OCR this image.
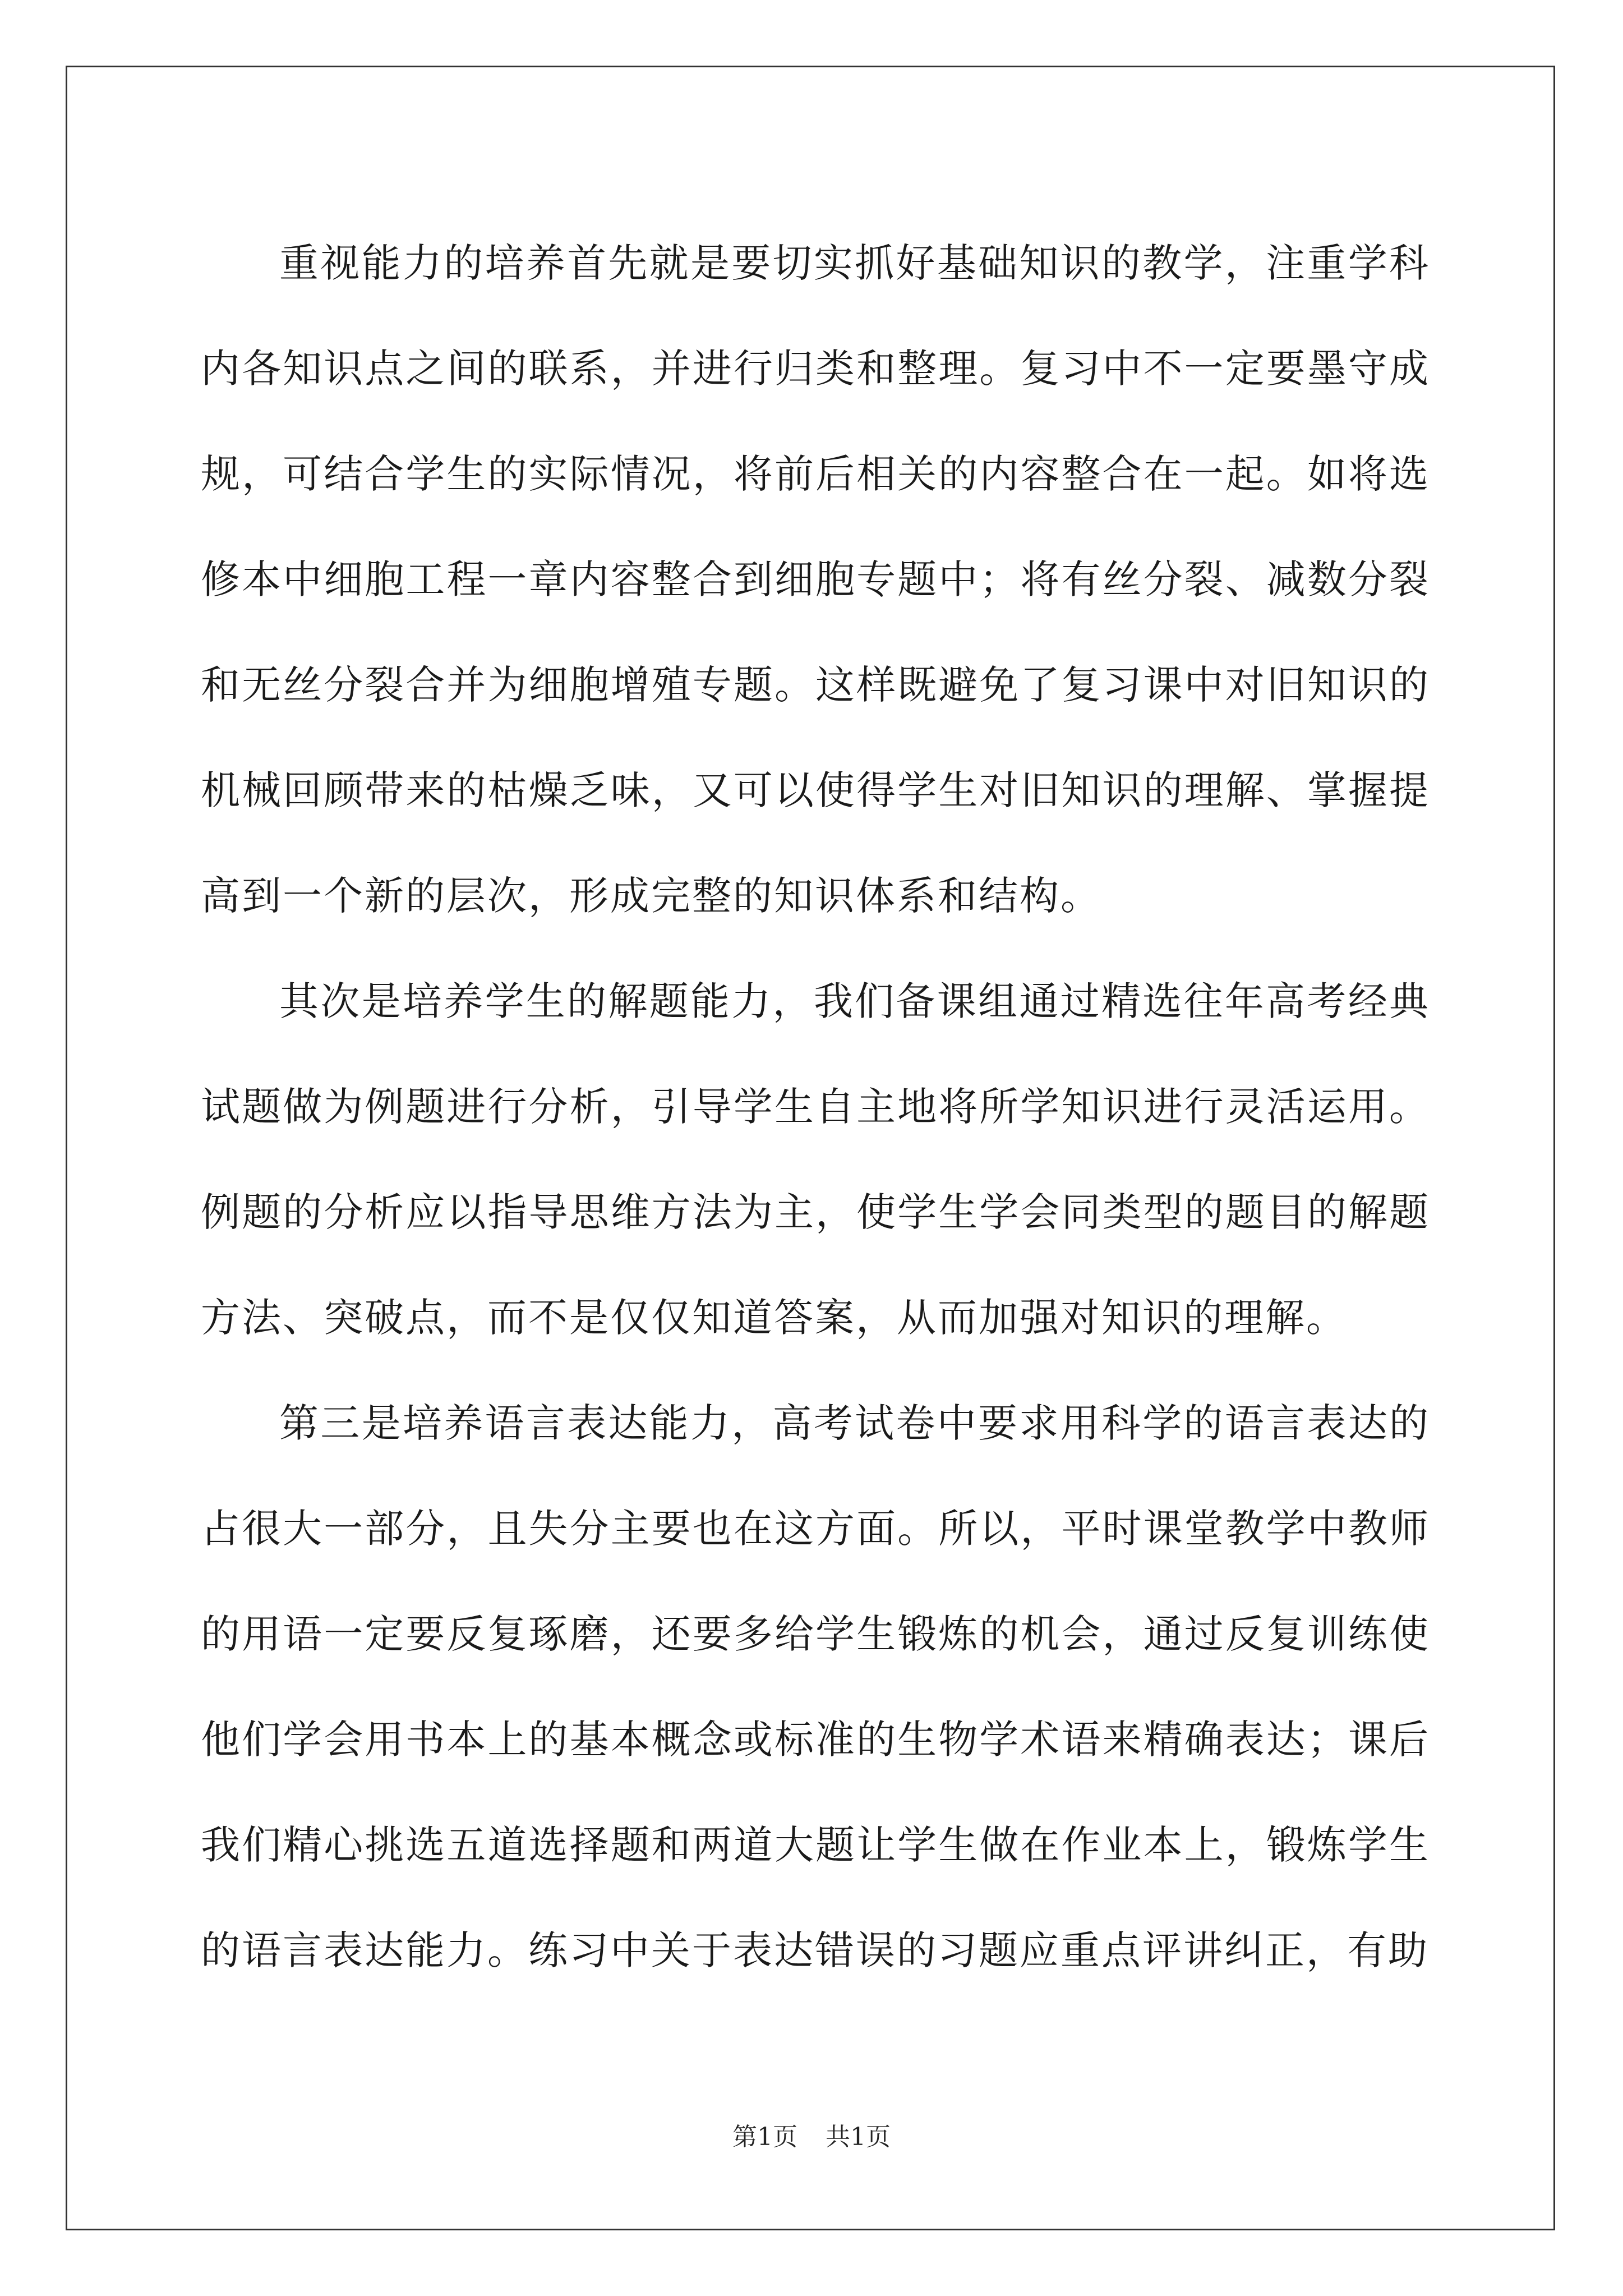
重视能力的培养首先就是要切实抓好基础知识的教学，注重学科内各知识点之间的联系，并进行归类和整理。复习中不一定要墨守成规，可结合学生的实际情况，将前后相关的内容整合在一起。如将选修本中细胞工程一章内容整合到细胞专题中；将有丝分裂、减数分裂和无丝分裂合并为细胞增殖专题。这样既避免了复习课中对旧知识的机械回顾带来的枯燥乏味，又可以使得学生对旧知识的理解、掌握提高到一个新的层次，形成完整的知识体系和结构。

其次是培养学生的解题能力，我们备课组通过精选往年高考经典试题做为例题进行分析，引导学生自主地将所学知识进行灵活运用。例题的分析应以指导思维方法为主，使学生学会同类型的题目的解题方法、突破点，而不是仅仅知道答案，从而加强对知识的理解。

第三是培养语言表达能力，高考试卷中要求用科学的语言表达的占很大一部分，且失分主要也在这方面。所以，平时课堂教学中教师的用语一定要反复琢磨，还要多给学生锻炼的机会，通过反复训练使他们学会用书本上的基本概念或标准的生物学术语来精确表达；课后我们精心挑选五道选择题和两道大题让学生做在作业本上，锻炼学生的语言表达能力。练习中关于表达错误的习题应重点评讲纠正，有助

第1页 共1页
